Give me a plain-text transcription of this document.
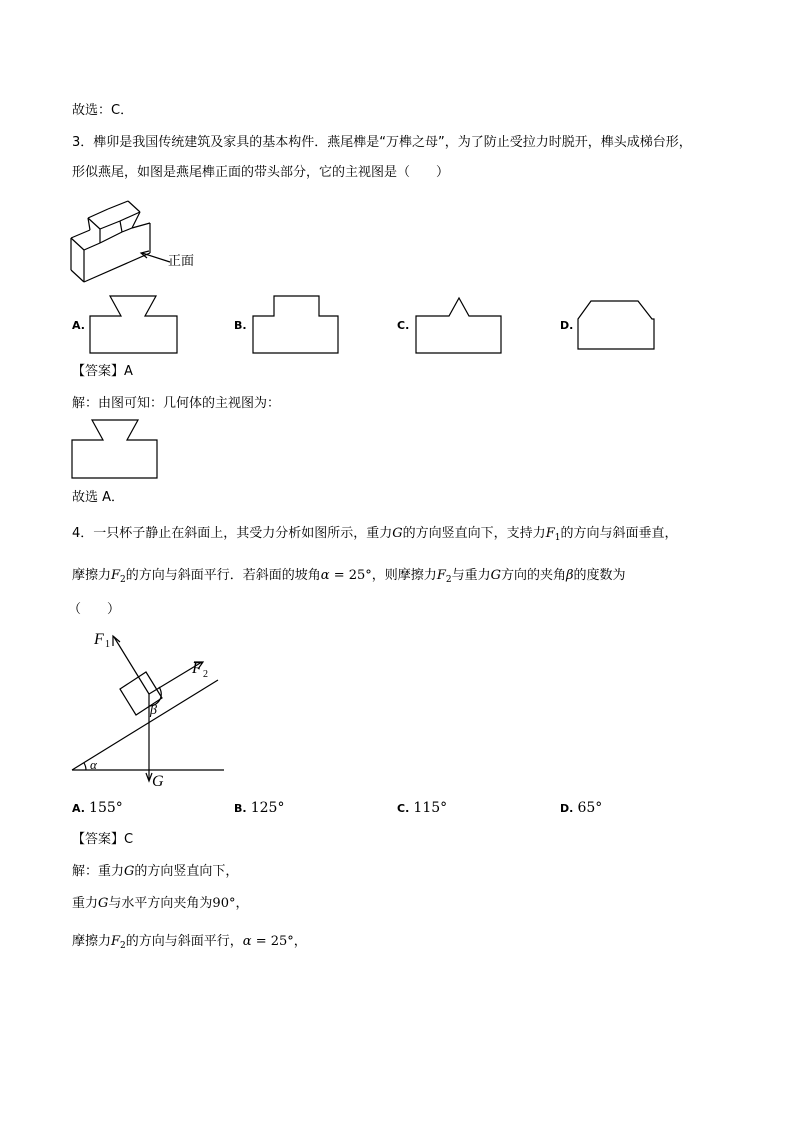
故选：C．
3．榫卯是我国传统建筑及家具的基本构件．燕尾榫是“万榫之母”，为了防止受拉力时脱开，榫头成梯台形，
形似燕尾，如图是燕尾榫正面的带头部分，它的主视图是（　　）
正面
A.	B.	C.	D.
【答案】A
解：由图可知：几何体的主视图为：
故选 A．
4．一只杯子静止在斜面上，其受力分析如图所示，重力G的方向竖直向下，支持力$F_1$的方向与斜面垂直，
摩擦力$F_2$的方向与斜面平行．若斜面的坡角α = 25°，则摩擦力$F_2$与重力G方向的夹角β的度数为
（　　）
F 1
F 2
β
α
G
A. 155°	B. 125°	C. 115°	D. 65°
【答案】C
解：重力G的方向竖直向下，
重力G与水平方向夹角为90°，
摩擦力$F_2$的方向与斜面平行，α = 25°，
